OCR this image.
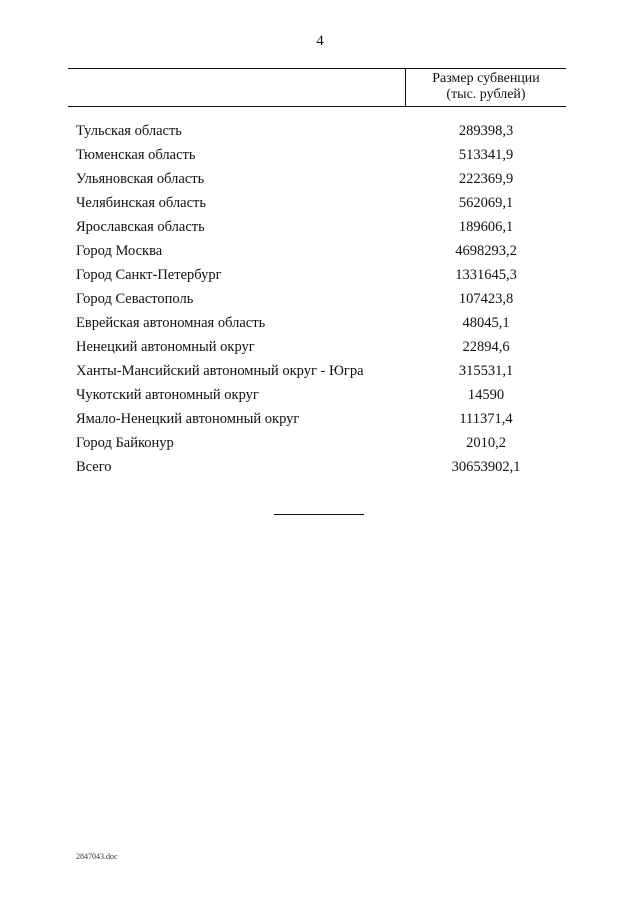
4
Размер субвенции
(тыс. рублей)
Тульская область	289398,3
Тюменская область	513341,9
Ульяновская область	222369,9
Челябинская область	562069,1
Ярославская область	189606,1
Город Москва	4698293,2
Город Санкт-Петербург	1331645,3
Город Севастополь	107423,8
Еврейская автономная область	48045,1
Ненецкий автономный округ	22894,6
Ханты-Мансийский автономный округ - Югра	315531,1
Чукотский автономный округ	14590
Ямало-Ненецкий автономный округ	111371,4
Город Байконур	2010,2
Всего	30653902,1
2847043.doc
